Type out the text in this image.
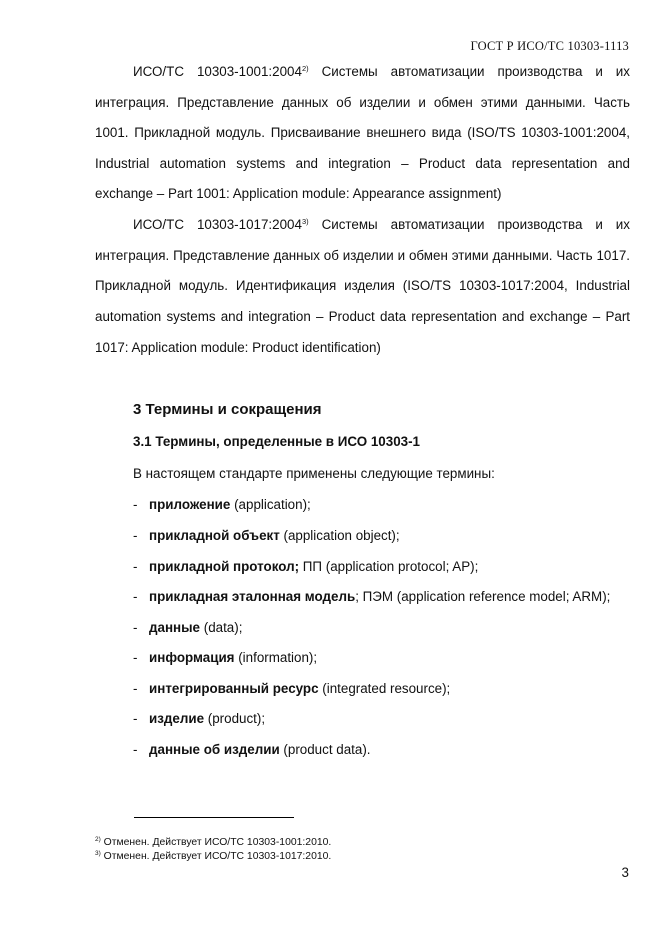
ГОСТ Р ИСО/ТС 10303-1113
ИСО/ТС 10303-1001:2004$^{2)}$ Системы автоматизации производства и их
интеграция. Представление данных об изделии и обмен этими данными. Часть
1001. Прикладной модуль. Присваивание внешнего вида (ISO/TS 10303-1001:2004,
Industrial automation systems and integration – Product data representation and
exchange – Part 1001: Application module: Appearance assignment)
ИСО/ТС 10303-1017:2004$^{3)}$ Системы автоматизации производства и их
интеграция. Представление данных об изделии и обмен этими данными. Часть 1017.
Прикладной модуль. Идентификация изделия (ISO/TS 10303-1017:2004, Industrial
automation systems and integration – Product data representation and exchange – Part
1017: Application module: Product identification)
3 Термины и сокращения
3.1 Термины, определенные в ИСО 10303-1
В настоящем стандарте применены следующие термины:
- приложение (application);
- прикладной объект (application object);
- прикладной протокол; ПП (application protocol; AP);
- прикладная эталонная модель; ПЭМ (application reference model; ARM);
- данные (data);
- информация (information);
- интегрированный ресурс (integrated resource);
- изделие (product);
- данные об изделии (product data).
$^{2)}$ Отменен. Действует ИСО/ТС 10303-1001:2010.
$^{3)}$ Отменен. Действует ИСО/ТС 10303-1017:2010.
3
